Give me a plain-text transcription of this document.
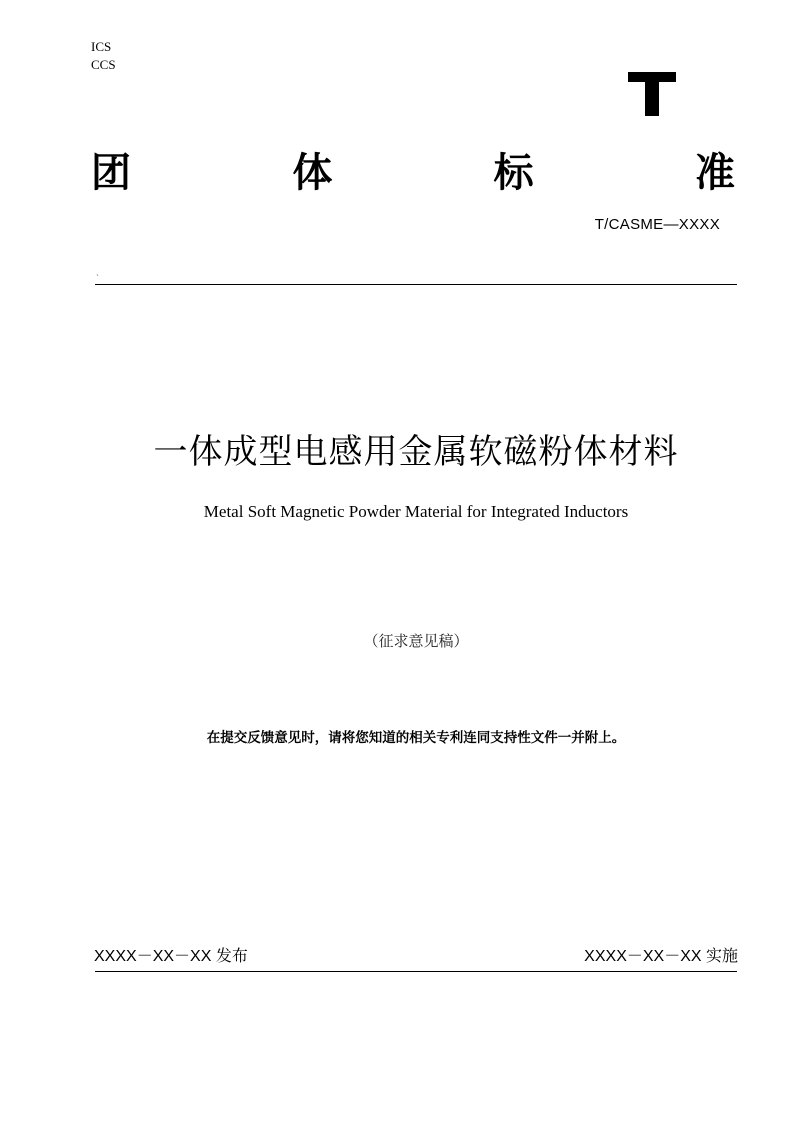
ICS
CCS
团	体	标	准
T/CASME—XXXX
`
一体成型电感用金属软磁粉体材料
Metal Soft Magnetic Powder Material for Integrated Inductors
（征求意见稿）
在提交反馈意见时，请将您知道的相关专利连同支持性文件一并附上。
XXXX－XX－XX 发布	XXXX－XX－XX 实施
